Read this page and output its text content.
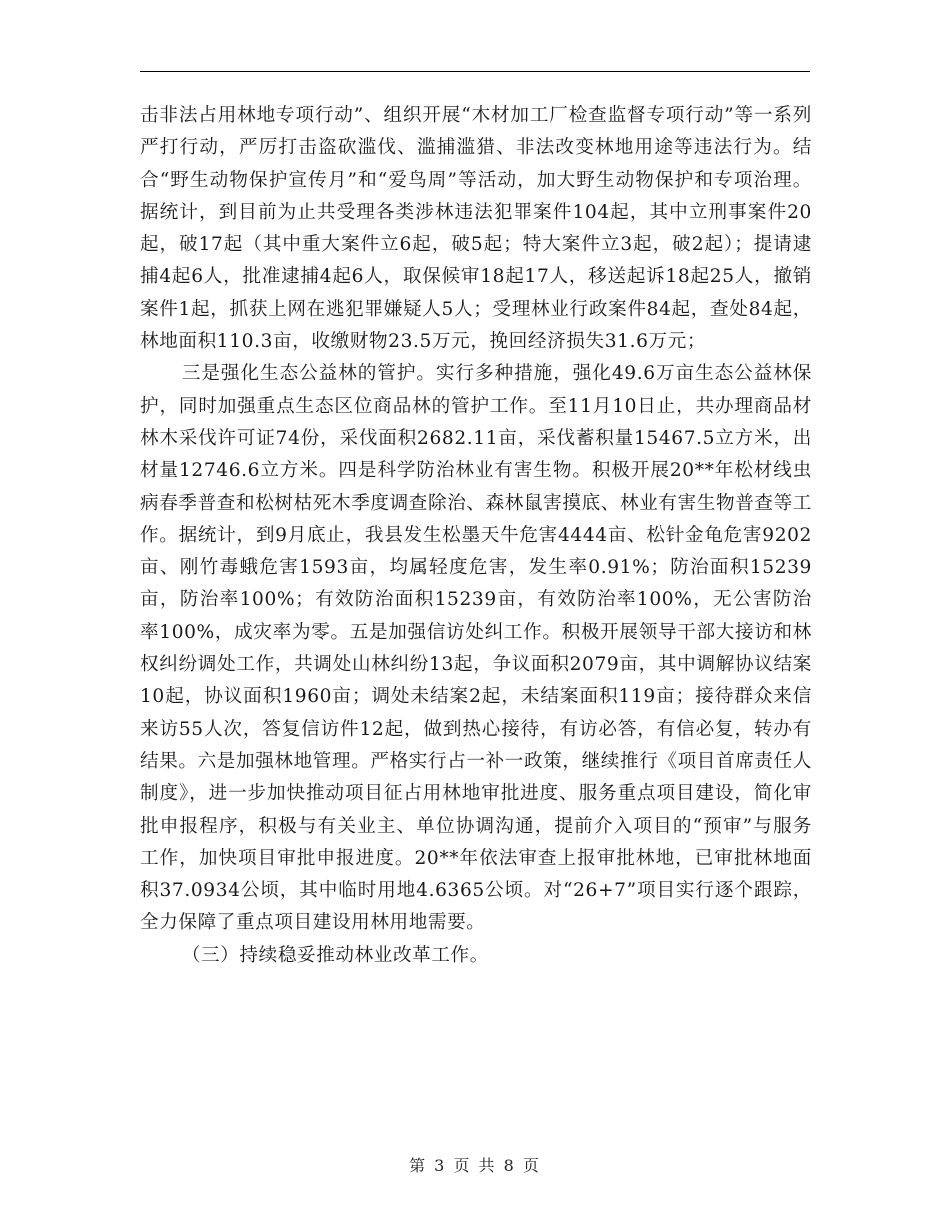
击非法占用林地专项行动”、组织开展“木材加工厂检查监督专项行动”等一系列严打行动，严厉打击盗砍滥伐、滥捕滥猎、非法改变林地用途等违法行为。结合“野生动物保护宣传月”和“爱鸟周”等活动，加大野生动物保护和专项治理。据统计，到目前为止共受理各类涉林违法犯罪案件104起，其中立刑事案件20起，破17起（其中重大案件立6起，破5起；特大案件立3起，破2起）；提请逮捕4起6人，批准逮捕4起6人，取保候审18起17人，移送起诉18起25人，撤销案件1起，抓获上网在逃犯罪嫌疑人5人；受理林业行政案件84起，查处84起，林地面积110.3亩，收缴财物23.5万元，挽回经济损失31.6万元；

三是强化生态公益林的管护。实行多种措施，强化49.6万亩生态公益林保护，同时加强重点生态区位商品林的管护工作。至11月10日止，共办理商品材林木采伐许可证74份，采伐面积2682.11亩，采伐蓄积量15467.5立方米，出材量12746.6立方米。四是科学防治林业有害生物。积极开展20**年松材线虫病春季普查和松树枯死木季度调查除治、森林鼠害摸底、林业有害生物普查等工作。据统计，到9月底止，我县发生松墨天牛危害4444亩、松针金龟危害9202亩、刚竹毒蛾危害1593亩，均属轻度危害，发生率0.91%；防治面积15239亩，防治率100%；有效防治面积15239亩，有效防治率100%，无公害防治率100%，成灾率为零。五是加强信访处纠工作。积极开展领导干部大接访和林权纠纷调处工作，共调处山林纠纷13起，争议面积2079亩，其中调解协议结案10起，协议面积1960亩；调处未结案2起，未结案面积119亩；接待群众来信来访55人次，答复信访件12起，做到热心接待，有访必答，有信必复，转办有结果。六是加强林地管理。严格实行占一补一政策，继续推行《项目首席责任人制度》，进一步加快推动项目征占用林地审批进度、服务重点项目建设，简化审批申报程序，积极与有关业主、单位协调沟通，提前介入项目的“预审”与服务工作，加快项目审批申报进度。20**年依法审查上报审批林地，已审批林地面积37.0934公顷，其中临时用地4.6365公顷。对“26+7”项目实行逐个跟踪，全力保障了重点项目建设用林用地需要。

（三）持续稳妥推动林业改革工作。

第 3 页 共 8 页
